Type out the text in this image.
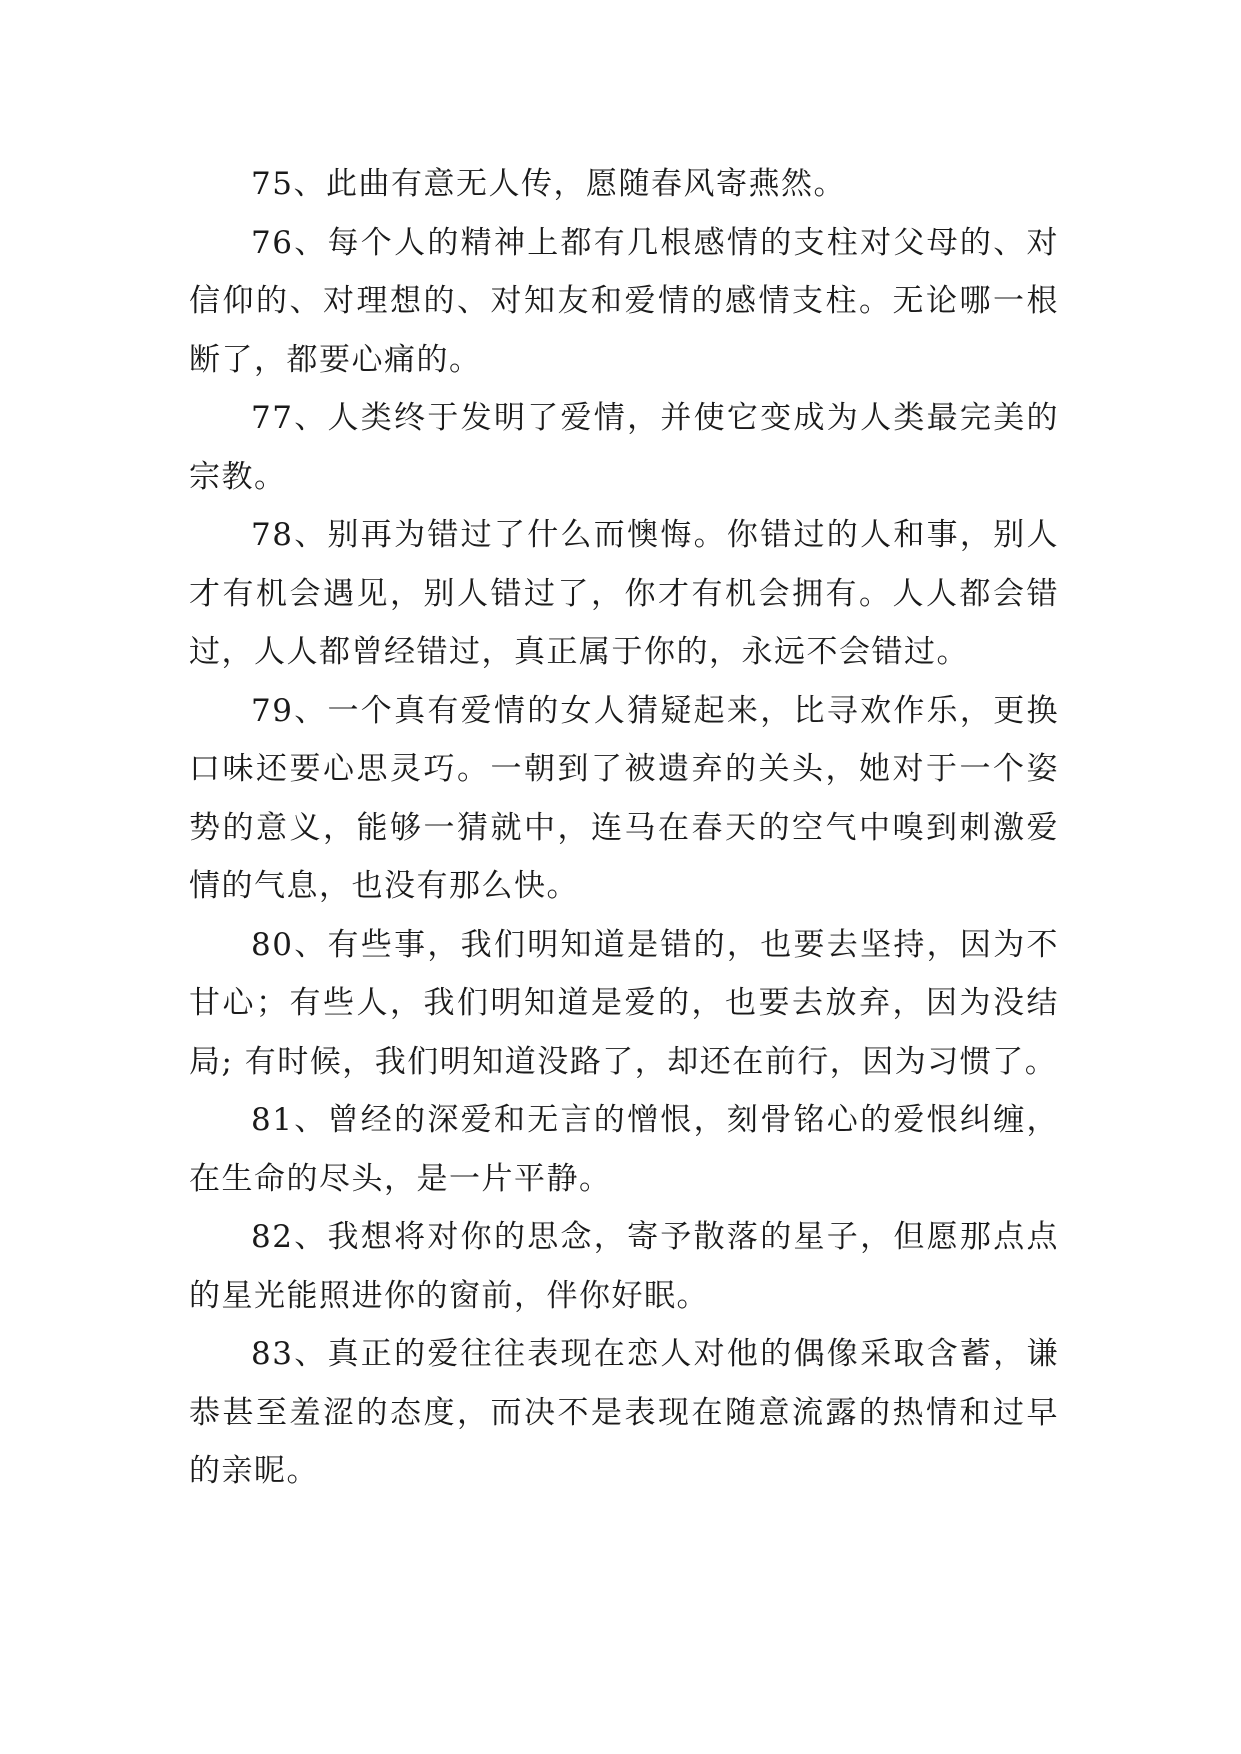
75、此曲有意无人传，愿随春风寄燕然。

76、每个人的精神上都有几根感情的支柱对父母的、对信仰的、对理想的、对知友和爱情的感情支柱。无论哪一根断了，都要心痛的。

77、人类终于发明了爱情，并使它变成为人类最完美的宗教。

78、别再为错过了什么而懊悔。你错过的人和事，别人才有机会遇见，别人错过了，你才有机会拥有。人人都会错过，人人都曾经错过，真正属于你的，永远不会错过。

79、一个真有爱情的女人猜疑起来，比寻欢作乐，更换口味还要心思灵巧。一朝到了被遗弃的关头，她对于一个姿势的意义，能够一猜就中，连马在春天的空气中嗅到刺激爱情的气息，也没有那么快。

80、有些事，我们明知道是错的，也要去坚持，因为不甘心；有些人，我们明知道是爱的，也要去放弃，因为没结局; 有时候，我们明知道没路了，却还在前行，因为习惯了。

81、曾经的深爱和无言的憎恨，刻骨铭心的爱恨纠缠，在生命的尽头，是一片平静。

82、我想将对你的思念，寄予散落的星子，但愿那点点的星光能照进你的窗前，伴你好眠。

83、真正的爱往往表现在恋人对他的偶像采取含蓄，谦恭甚至羞涩的态度，而决不是表现在随意流露的热情和过早的亲昵。
